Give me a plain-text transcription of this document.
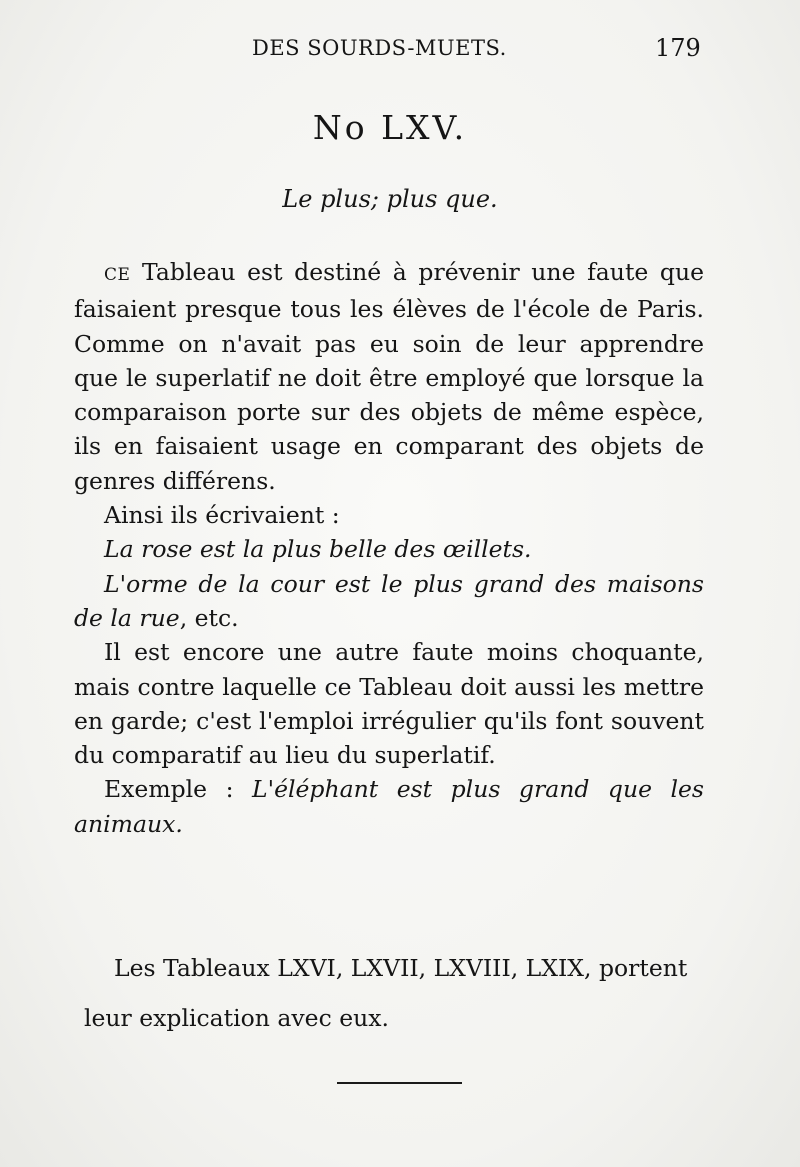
DES SOURDS-MUETS.	179
No LXV.
Le plus; plus que.

CE Tableau est destiné à prévenir une faute que faisaient presque tous les élèves de l'école de Paris. Comme on n'avait pas eu soin de leur apprendre que le superlatif ne doit être employé que lorsque la comparaison porte sur des objets de même espèce, ils en faisaient usage en comparant des objets de genres différens.

Ainsi ils écrivaient :

La rose est la plus belle des œillets.

L'orme de la cour est le plus grand des maisons de la rue, etc.

Il est encore une autre faute moins choquante, mais contre laquelle ce Tableau doit aussi les mettre en garde; c'est l'emploi irrégulier qu'ils font souvent du comparatif au lieu du superlatif.

Exemple : L'éléphant est plus grand que les animaux.

Les Tableaux LXVI, LXVII, LXVIII, LXIX, portent leur explication avec eux.
